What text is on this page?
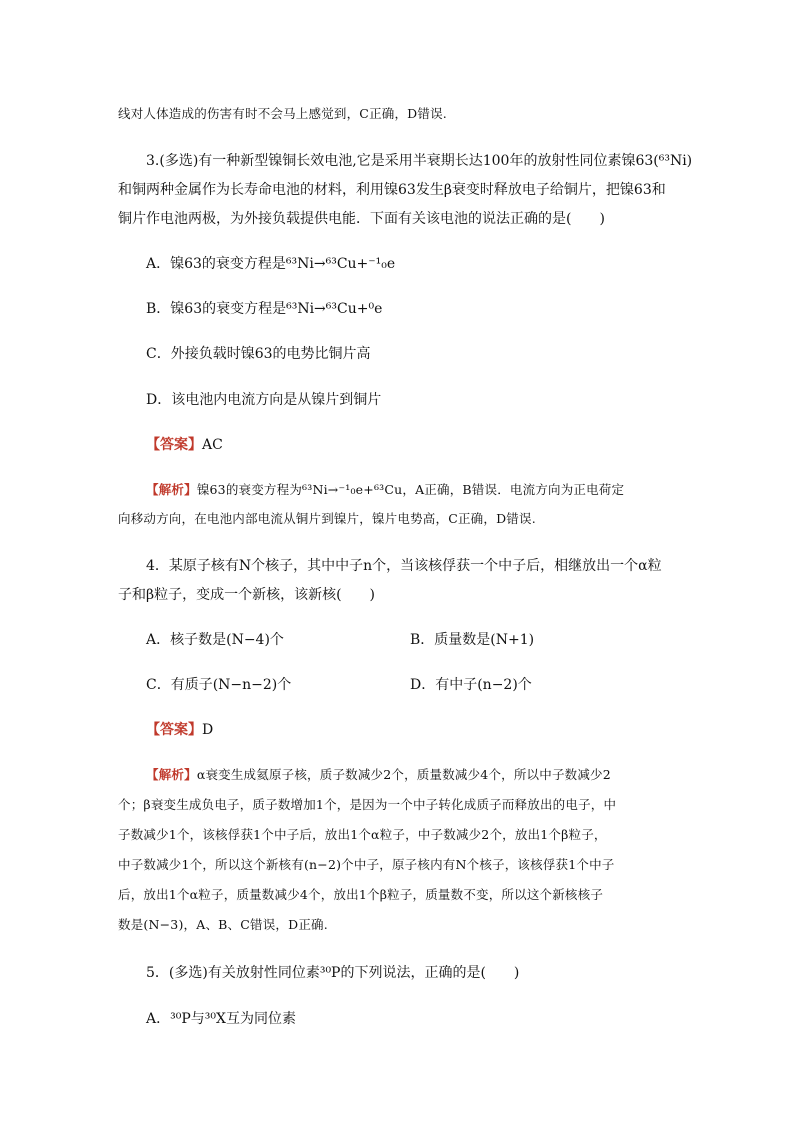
线对人体造成的伤害有时不会马上感觉到，C正确，D错误.
3.(多选)有一种新型镍铜长效电池,它是采用半衰期长达100年的放射性同位素镍63(⁶³Ni)
和铜两种金属作为长寿命电池的材料，利用镍63发生β衰变时释放电子给铜片，把镍63和
铜片作电池两极，为外接负载提供电能．下面有关该电池的说法正确的是(　　)
A．镍63的衰变方程是⁶³Ni→⁶³Cu+⁻¹₀e
B．镍63的衰变方程是⁶³Ni→⁶³Cu+⁰e
C．外接负载时镍63的电势比铜片高
D．该电池内电流方向是从镍片到铜片
【答案】AC
【解析】镍63的衰变方程为⁶³Ni→⁻¹₀e+⁶³Cu，A正确，B错误．电流方向为正电荷定
向移动方向，在电池内部电流从铜片到镍片，镍片电势高，C正确，D错误.
4．某原子核有N个核子，其中中子n个，当该核俘获一个中子后，相继放出一个α粒
子和β粒子，变成一个新核，该新核(　　)
A．核子数是(N−4)个	B．质量数是(N+1)
C．有质子(N−n−2)个	D．有中子(n−2)个
【答案】D
【解析】α衰变生成氦原子核，质子数减少2个，质量数减少4个，所以中子数减少2
个；β衰变生成负电子，质子数增加1个，是因为一个中子转化成质子而释放出的电子，中
子数减少1个，该核俘获1个中子后，放出1个α粒子，中子数减少2个，放出1个β粒子，
中子数减少1个，所以这个新核有(n−2)个中子，原子核内有N个核子，该核俘获1个中子
后，放出1个α粒子，质量数减少4个，放出1个β粒子，质量数不变，所以这个新核核子
数是(N−3)，A、B、C错误，D正确.
5．(多选)有关放射性同位素³⁰P的下列说法，正确的是(　　)
A．³⁰P与³⁰X互为同位素
